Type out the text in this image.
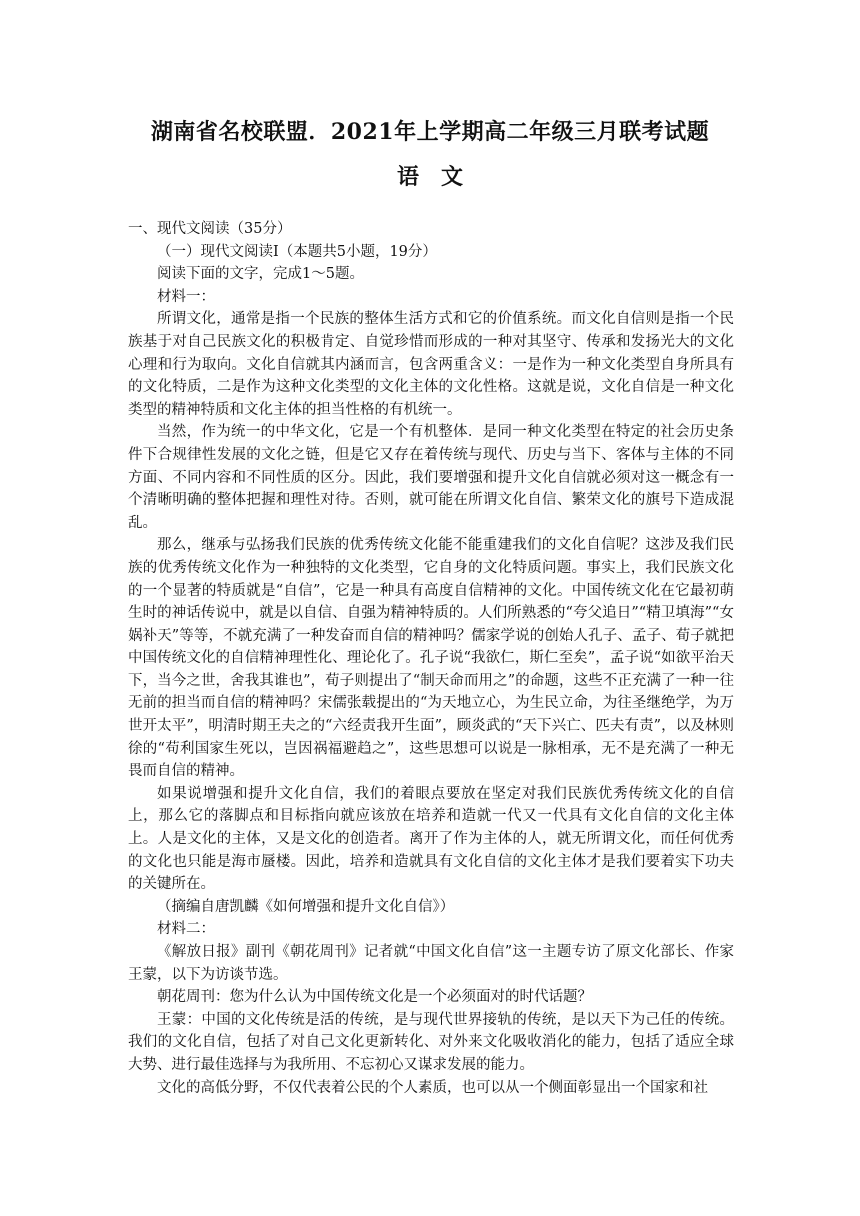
湖南省名校联盟．2021年上学期高二年级三月联考试题
语　文

一、现代文阅读（35分）

（一）现代文阅读Ⅰ（本题共5小题，19分）

阅读下面的文字，完成1～5题。

材料一：

所谓文化，通常是指一个民族的整体生活方式和它的价值系统。而文化自信则是指一个民族基于对自己民族文化的积极肯定、自觉珍惜而形成的一种对其坚守、传承和发扬光大的文化心理和行为取向。文化自信就其内涵而言，包含两重含义：一是作为一种文化类型自身所具有的文化特质，二是作为这种文化类型的文化主体的文化性格。这就是说，文化自信是一种文化类型的精神特质和文化主体的担当性格的有机统一。

当然，作为统一的中华文化，它是一个有机整体．是同一种文化类型在特定的社会历史条件下合规律性发展的文化之链，但是它又存在着传统与现代、历史与当下、客体与主体的不同方面、不同内容和不同性质的区分。因此，我们要增强和提升文化自信就必须对这一概念有一个清晰明确的整体把握和理性对待。否则，就可能在所谓文化自信、繁荣文化的旗号下造成混乱。

那么，继承与弘扬我们民族的优秀传统文化能不能重建我们的文化自信呢？这涉及我们民族的优秀传统文化作为一种独特的文化类型，它自身的文化特质问题。事实上，我们民族文化的一个显著的特质就是“自信”，它是一种具有高度自信精神的文化。中国传统文化在它最初萌生时的神话传说中，就是以自信、自强为精神特质的。人们所熟悉的“夸父追日”“精卫填海”“女娲补天”等等，不就充满了一种发奋而自信的精神吗？儒家学说的创始人孔子、孟子、荀子就把中国传统文化的自信精神理性化、理论化了。孔子说“我欲仁，斯仁至矣”，孟子说“如欲平治天下，当今之世，舍我其谁也”，荀子则提出了“制天命而用之”的命题，这些不正充满了一种一往无前的担当而自信的精神吗？宋儒张载提出的“为天地立心，为生民立命，为往圣继绝学，为万世开太平”，明清时期王夫之的“六经责我开生面”，顾炎武的“天下兴亡、匹夫有责”，以及林则徐的“苟利国家生死以，岂因祸福避趋之”，这些思想可以说是一脉相承，无不是充满了一种无畏而自信的精神。

如果说增强和提升文化自信，我们的着眼点要放在坚定对我们民族优秀传统文化的自信上，那么它的落脚点和目标指向就应该放在培养和造就一代又一代具有文化自信的文化主体上。人是文化的主体，又是文化的创造者。离开了作为主体的人，就无所谓文化，而任何优秀的文化也只能是海市蜃楼。因此，培养和造就具有文化自信的文化主体才是我们要着实下功夫的关键所在。

（摘编自唐凯麟《如何增强和提升文化自信》）

材料二：

《解放日报》副刊《朝花周刊》记者就“中国文化自信”这一主题专访了原文化部长、作家王蒙，以下为访谈节选。

朝花周刊：您为什么认为中国传统文化是一个必须面对的时代话题？

王蒙：中国的文化传统是活的传统，是与现代世界接轨的传统，是以天下为己任的传统。我们的文化自信，包括了对自己文化更新转化、对外来文化吸收消化的能力，包括了适应全球大势、进行最佳选择与为我所用、不忘初心又谋求发展的能力。

文化的高低分野，不仅代表着公民的个人素质，也可以从一个侧面彰显出一个国家和社
